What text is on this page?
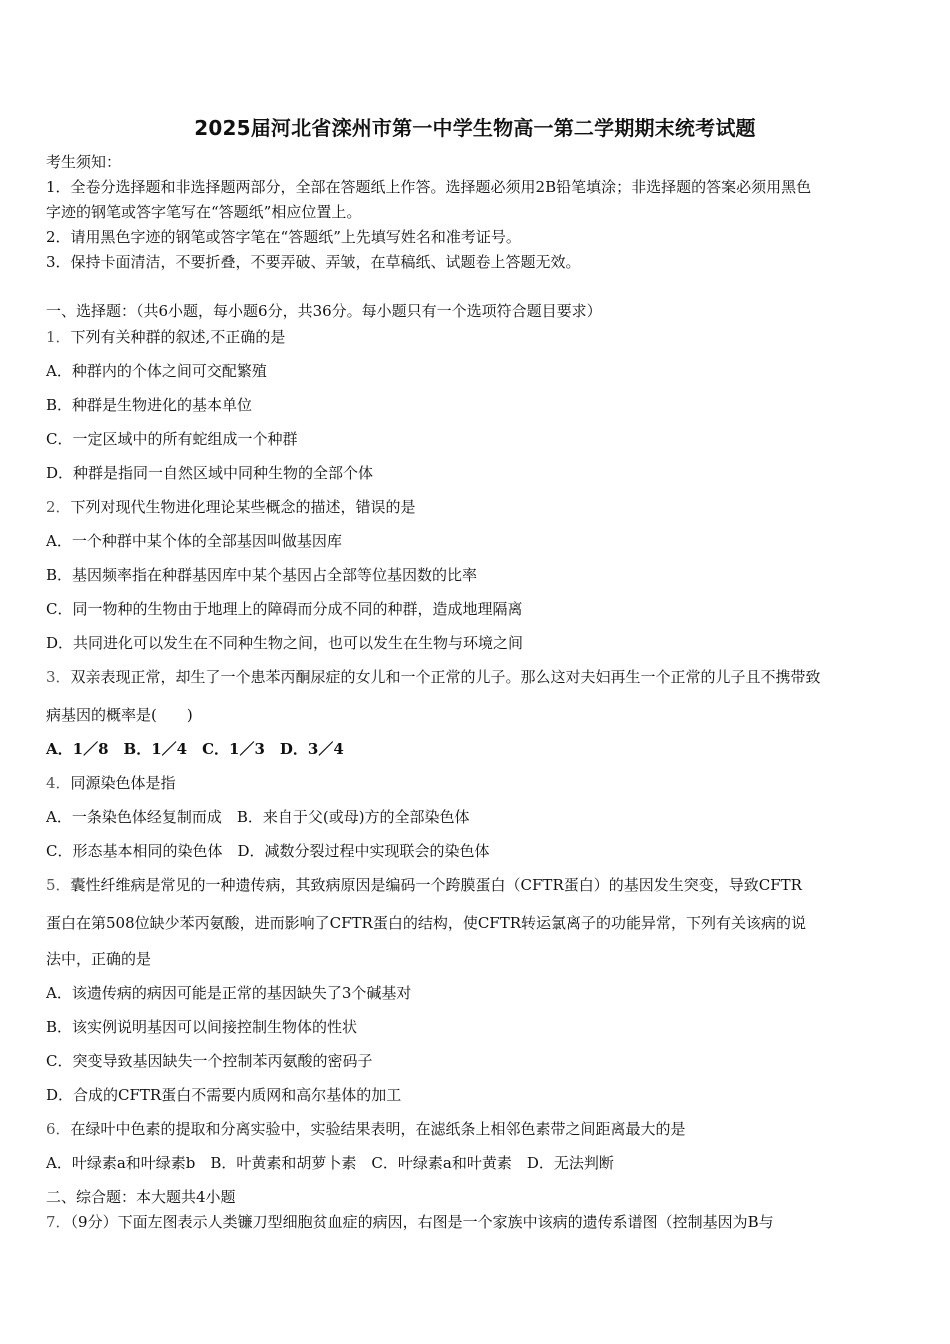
2025届河北省滦州市第一中学生物高一第二学期期末统考试题
考生须知：
1．全卷分选择题和非选择题两部分，全部在答题纸上作答。选择题必须用2B铅笔填涂；非选择题的答案必须用黑色
字迹的钢笔或答字笔写在“答题纸”相应位置上。
2．请用黑色字迹的钢笔或答字笔在“答题纸”上先填写姓名和准考证号。
3．保持卡面清洁，不要折叠，不要弄破、弄皱，在草稿纸、试题卷上答题无效。
一、选择题：（共6小题，每小题6分，共36分。每小题只有一个选项符合题目要求）
1．下列有关种群的叙述,不正确的是
A．种群内的个体之间可交配繁殖
B．种群是生物进化的基本单位
C．一定区域中的所有蛇组成一个种群
D．种群是指同一自然区域中同种生物的全部个体
2．下列对现代生物进化理论某些概念的描述，错误的是
A．一个种群中某个体的全部基因叫做基因库
B．基因频率指在种群基因库中某个基因占全部等位基因数的比率
C．同一物种的生物由于地理上的障碍而分成不同的种群，造成地理隔离
D．共同进化可以发生在不同种生物之间，也可以发生在生物与环境之间
3．双亲表现正常，却生了一个患苯丙酮尿症的女儿和一个正常的儿子。那么这对夫妇再生一个正常的儿子且不携带致
病基因的概率是(　　)
A．1／8　B．1／4　C．1／3　D．3／4
4．同源染色体是指
A．一条染色体经复制而成　B．来自于父(或母)方的全部染色体
C．形态基本相同的染色体　D．减数分裂过程中实现联会的染色体
5．囊性纤维病是常见的一种遗传病，其致病原因是编码一个跨膜蛋白（CFTR蛋白）的基因发生突变，导致CFTR
蛋白在第508位缺少苯丙氨酸，进而影响了CFTR蛋白的结构，使CFTR转运氯离子的功能异常，下列有关该病的说
法中，正确的是
A．该遗传病的病因可能是正常的基因缺失了3个碱基对
B．该实例说明基因可以间接控制生物体的性状
C．突变导致基因缺失一个控制苯丙氨酸的密码子
D．合成的CFTR蛋白不需要内质网和高尔基体的加工
6．在绿叶中色素的提取和分离实验中，实验结果表明，在滤纸条上相邻色素带之间距离最大的是
A．叶绿素a和叶绿素b　B．叶黄素和胡萝卜素　C．叶绿素a和叶黄素　D．无法判断
二、综合题：本大题共4小题
7．（9分）下面左图表示人类镰刀型细胞贫血症的病因，右图是一个家族中该病的遗传系谱图（控制基因为B与
